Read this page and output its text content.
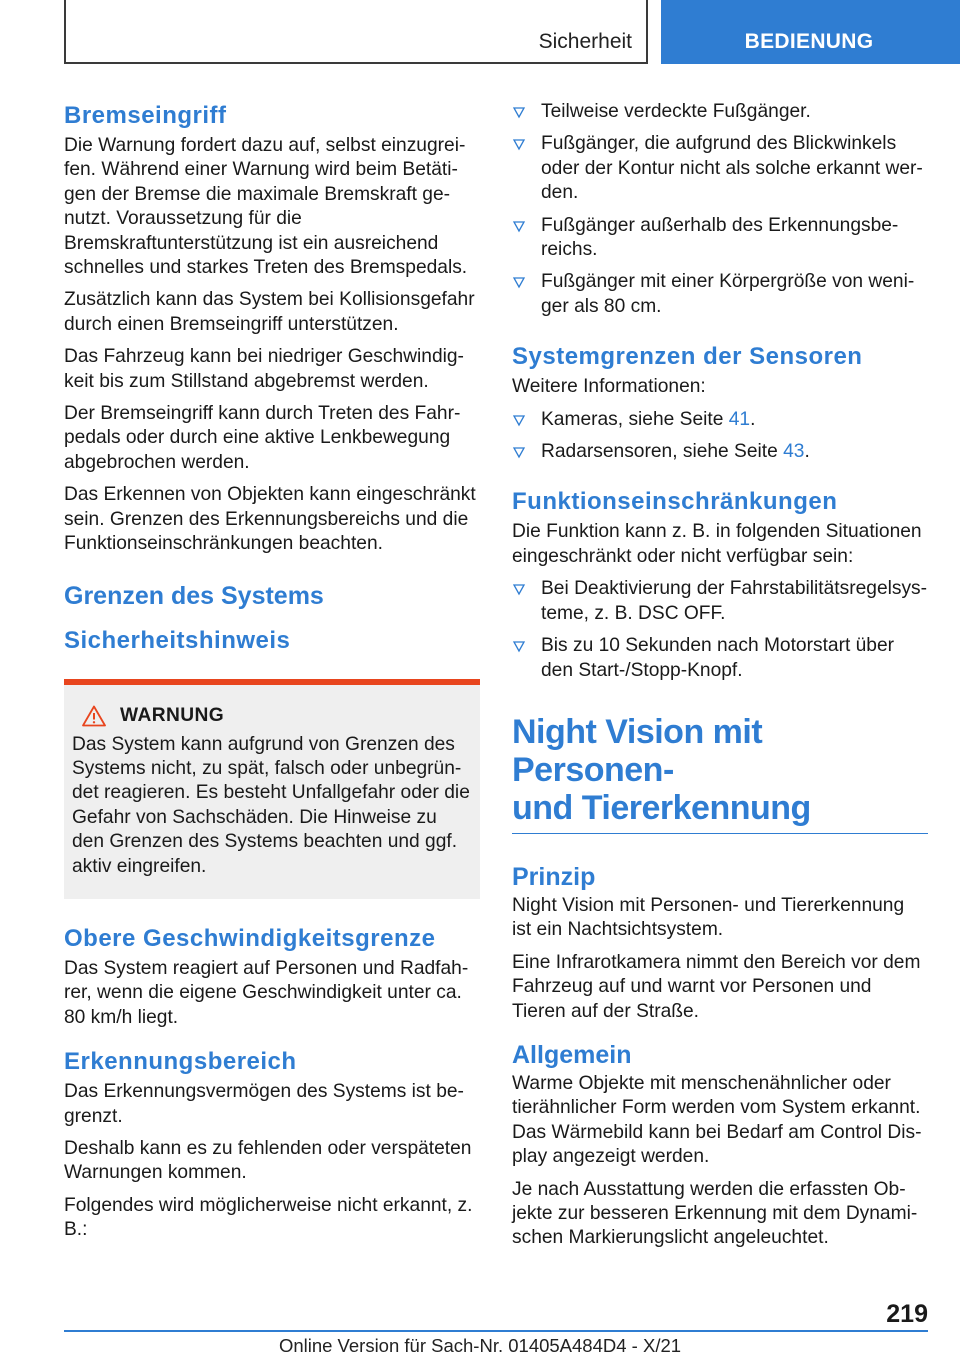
Sicherheit	BEDIENUNG
Bremseingriff

Die Warnung fordert dazu auf, selbst einzugrei‐ fen. Während einer Warnung wird beim Betäti‐ gen der Bremse die maximale Bremskraft ge‐ nutzt. Voraussetzung für die Bremskraftunterstützung ist ein ausreichend schnelles und starkes Treten des Bremspedals.

Zusätzlich kann das System bei Kollisionsgefahr durch einen Bremseingriff unterstützen.

Das Fahrzeug kann bei niedriger Geschwindig‐ keit bis zum Stillstand abgebremst werden.

Der Bremseingriff kann durch Treten des Fahr‐ pedals oder durch eine aktive Lenkbewegung abgebrochen werden.

Das Erkennen von Objekten kann eingeschränkt sein. Grenzen des Erkennungsbereichs und die Funktionseinschränkungen beachten.

Grenzen des Systems
Sicherheitshinweis
WARNUNG

Das System kann aufgrund von Grenzen des Systems nicht, zu spät, falsch oder unbegrün‐ det reagieren. Es besteht Unfallgefahr oder die Gefahr von Sachschäden. Die Hinweise zu den Grenzen des Systems beachten und ggf. aktiv eingreifen.

Obere Geschwindigkeitsgrenze

Das System reagiert auf Personen und Radfah‐ rer, wenn die eigene Geschwindigkeit unter ca. 80 km/h liegt.

Erkennungsbereich

Das Erkennungsvermögen des Systems ist be‐ grenzt.

Deshalb kann es zu fehlenden oder verspäteten Warnungen kommen.

Folgendes wird möglicherweise nicht erkannt, z. B.:

Teilweise verdeckte Fußgänger.
Fußgänger, die aufgrund des Blickwinkels oder der Kontur nicht als solche erkannt wer‐ den.
Fußgänger außerhalb des Erkennungsbe‐ reichs.
Fußgänger mit einer Körpergröße von weni‐ ger als 80 cm.
Systemgrenzen der Sensoren

Weitere Informationen:

Kameras, siehe Seite 41.
Radarsensoren, siehe Seite 43.
Funktionseinschränkungen

Die Funktion kann z. B. in folgenden Situationen eingeschränkt oder nicht verfügbar sein:

Bei Deaktivierung der Fahrstabilitätsregelsys‐ teme, z. B. DSC OFF.
Bis zu 10 Sekunden nach Motorstart über den Start-/Stopp-Knopf.
Night Vision mit Personen‐
und Tiererkennung
Prinzip

Night Vision mit Personen- und Tiererkennung ist ein Nachtsichtsystem.

Eine Infrarotkamera nimmt den Bereich vor dem Fahrzeug auf und warnt vor Personen und Tieren auf der Straße.

Allgemein

Warme Objekte mit menschenähnlicher oder tierähnlicher Form werden vom System erkannt. Das Wärmebild kann bei Bedarf am Control Dis‐ play angezeigt werden.

Je nach Ausstattung werden die erfassten Ob‐ jekte zur besseren Erkennung mit dem Dynami‐ schen Markierungslicht angeleuchtet.

219
Online Version für Sach-Nr. 01405A484D4 - X/21
